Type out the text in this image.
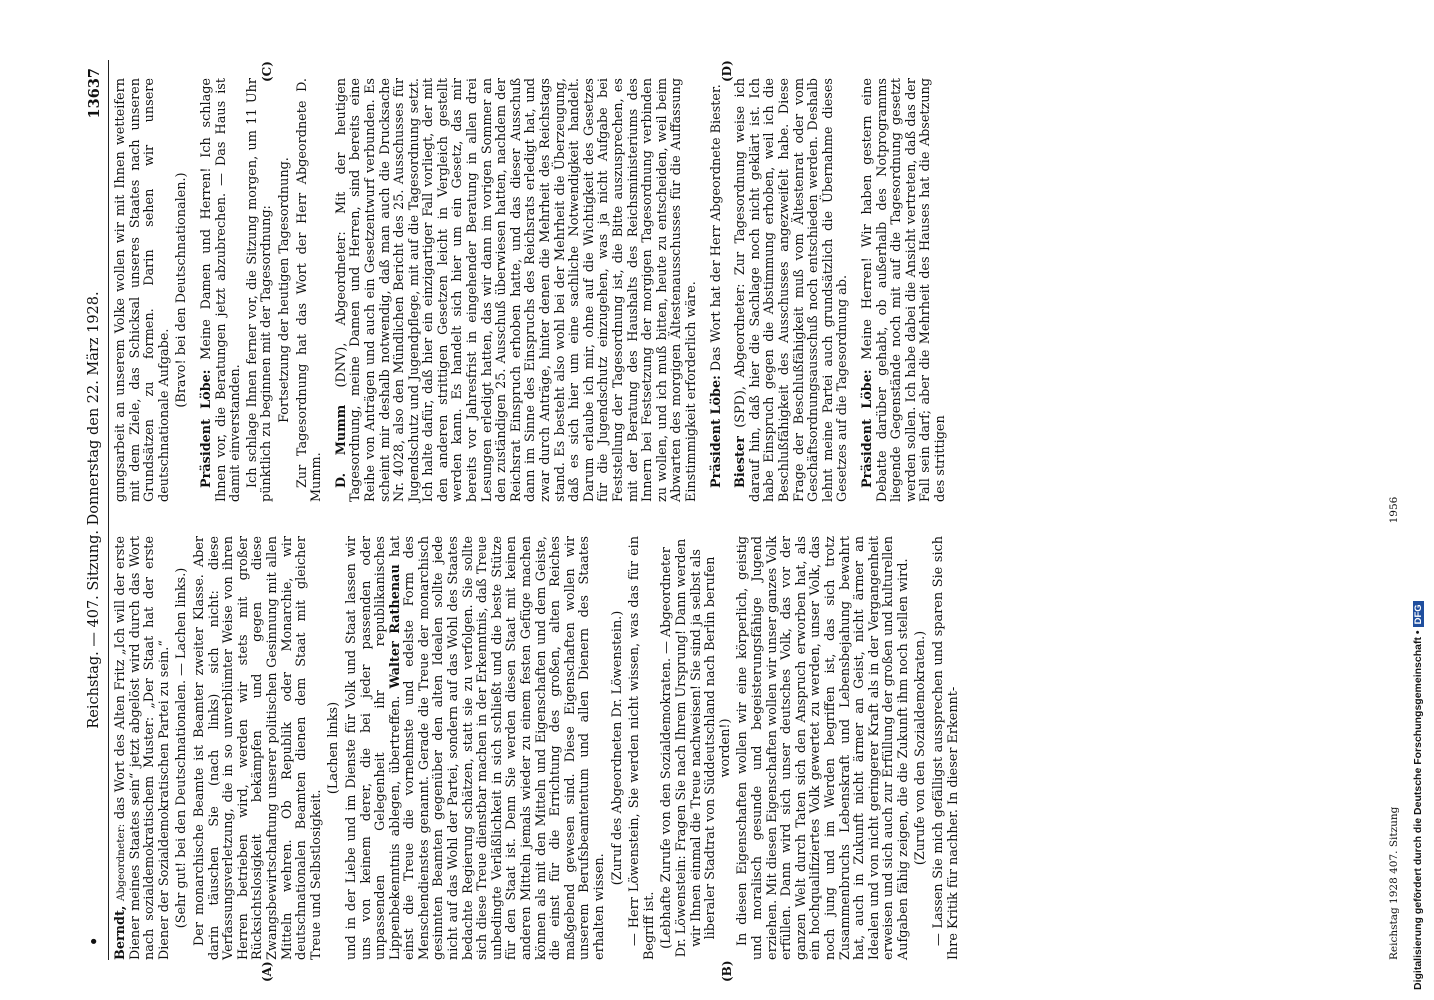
•
Reichstag. — 407. Sitzung. Donnerstag den 22. März 1928.
13637
(A)	(B)
(C)	(D)

Berndt, Abgeordneter: das Wort des Alten Fritz „Ich will der erste Diener meines Staates sein“ jetzt abgelöst wird durch das Wort nach sozialdemokratischem Muster: „Der Staat hat der erste Diener der Sozialdemokratischen Partei zu sein.“ (Sehr gut! bei den Deutschnationalen. — Lachen links.) Der monarchische Beamte ist Beamter zweiter Klasse. Aber darin täuschen Sie (nach links) sich nicht: diese Verfassungsverletzung, die in so unverblümter Weise von ihren Herren betrieben wird, werden wir stets mit großer Rücksichtslosigkeit bekämpfen und gegen diese Zwangsbewirtschaftung unserer politischen Gesinnung mit allen Mitteln wehren. Ob Republik oder Monarchie, wir deutschnationalen Beamten dienen dem Staat mit gleicher Treue und Selbstlosigkeit.

(Lachen links) und in der Liebe und im Dienste für Volk und Staat lassen wir uns von keinem derer, die bei jeder passenden oder unpassenden Gelegenheit ihr republikanisches Lippenbekenntnis ablegen, übertreffen. Walter Rathenau hat einst die Treue die vornehmste und edelste Form des Menschendienstes genannt. Gerade die Treue der monarchisch gesinnten Beamten gegenüber den alten Idealen sollte jede nicht auf das Wohl der Partei, sondern auf das Wohl des Staates bedachte Regierung schätzen, statt sie zu verfolgen. Sie sollte sich diese Treue dienstbar machen in der Erkenntnis, daß Treue unbedingte Verläßlichkeit in sich schließt und die beste Stütze für den Staat ist. Denn Sie werden diesen Staat mit keinen anderen Mitteln jemals wieder zu einem festen Gefüge machen können als mit den Mitteln und Eigenschaften und dem Geiste, die einst für die Errichtung des großen, alten Reiches maßgebend gewesen sind. Diese Eigenschaften wollen wir unserem Berufsbeamtentum und allen Dienern des Staates erhalten wissen.

(Zuruf des Abgeordneten Dr. Löwenstein.) — Herr Löwenstein, Sie werden nicht wissen, was das für ein Begriff ist. (Lebhafte Zurufe von den Sozialdemokraten. — Abgeordneter Dr. Löwenstein: Fragen Sie nach Ihrem Ursprung! Dann werden wir Ihnen einmal die Treue nachweisen! Sie sind ja selbst als liberaler Stadtrat von Süddeutschland nach Berlin berufen worden!) In diesen Eigenschaften wollen wir eine körperlich, geistig und moralisch gesunde und begeisterungsfähige Jugend erziehen. Mit diesen Eigenschaften wollen wir unser ganzes Volk erfüllen. Dann wird sich unser deutsches Volk, das vor der ganzen Welt durch Taten sich den Anspruch erworben hat, als ein hochqualifiziertes Volk gewertet zu werden, unser Volk, das noch jung und im Werden begriffen ist, das sich trotz Zusammenbruchs Lebenskraft und Lebensbejahung bewahrt hat, auch in Zukunft nicht ärmer an Geist, nicht ärmer an Idealen und von nicht geringerer Kraft als in der Vergangenheit erweisen und sich auch zur Erfüllung der großen und kulturellen Aufgaben fähig zeigen, die die Zukunft ihm noch stellen wird. (Zurufe von den Sozialdemokraten.) — Lassen Sie mich gefälligst aussprechen und sparen Sie sich Ihre Kritik für nachher. In dieser Erkennt-

gungsarbeit an unserem Volke wollen wir mit Ihnen wetteifern mit dem Ziele, das Schicksal unseres Staates nach unseren Grundsätzen zu formen. Darin sehen wir unsere deutschnationale Aufgabe.

(Bravo! bei den Deutschnationalen.)

Präsident Löbe: Meine Damen und Herren! Ich schlage Ihnen vor, die Beratungen jetzt abzubrechen. — Das Haus ist damit einverstanden. Ich schlage Ihnen ferner vor, die Sitzung morgen, um 11 Uhr pünktlich zu beginnen mit der Tagesordnung: Fortsetzung der heutigen Tagesordnung. Zur Tagesordnung hat das Wort der Herr Abgeordnete D. Mumm. D. Mumm (DNV), Abgeordneter: Mit der heutigen Tagesordnung, meine Damen und Herren, sind bereits eine Reihe von Anträgen und auch ein Gesetzentwurf verbunden. Es scheint mir deshalb notwendig, daß man auch die Drucksache Nr. 4028, also den Mündlichen Bericht des 25. Ausschusses für Jugendschutz und Jugendpflege, mit auf die Tagesordnung setzt. Ich halte dafür, daß hier ein einzigartiger Fall vorliegt, der mit den anderen strittigen Gesetzen leicht in Vergleich gestellt werden kann. Es handelt sich hier um ein Gesetz, das mir bereits vor Jahresfrist in eingehender Beratung in allen drei Lesungen erledigt hatten, das wir dann im vorigen Sommer an den zuständigen 25. Ausschuß überwiesen hatten, nachdem der Reichsrat Einspruch erhoben hatte, und das dieser Ausschuß dann im Sinne des Einspruchs des Reichsrats erledigt hat, und zwar durch Anträge, hinter denen die Mehrheit des Reichstags stand. Es besteht also wohl bei der Mehrheit die Überzeugung, daß es sich hier um eine sachliche Notwendigkeit handelt. Darum erlaube ich mir, ohne auf die Wichtigkeit des Gesetzes für die Jugendschutz einzugehen, was ja nicht Aufgabe bei Feststellung der Tagesordnung ist, die Bitte auszusprechen, es mit der Beratung des Haushalts des Reichsministeriums des Innern bei Festsetzung der morgigen Tagesordnung verbinden zu wollen, und ich muß bitten, heute zu entscheiden, weil beim Abwarten des morgigen Ältestenausschusses für die Auffassung Einstimmigkeit erforderlich wäre. Präsident Löbe: Das Wort hat der Herr Abgeordnete Biester.

Biester (SPD), Abgeordneter: Zur Tagesordnung weise ich darauf hin, daß hier die Sachlage noch nicht geklärt ist. Ich habe Einspruch gegen die Abstimmung erhoben, weil ich die Beschlußfähigkeit des Ausschusses angezweifelt habe. Diese Frage der Beschlußfähigkeit muß vom Ältestenrat oder vom Geschäftsordnungsausschuß noch entschieden werden. Deshalb lehnt meine Partei auch grundsätzlich die Übernahme dieses Gesetzes auf die Tagesordnung ab. Präsident Löbe: Meine Herren! Wir haben gestern eine Debatte darüber gehabt, ob außerhalb des Notprogramms liegende Gegenstände noch mit auf die Tagesordnung gesetzt werden sollen. Ich habe dabei die Ansicht vertreten, daß das der Fall sein darf; aber die Mehrheit des Hauses hat die Absetzung des strittigen

Reichstag 1928 407. Sitzung
1956
Digitalisierung gefördert durch die Deutsche Forschungsgemeinschaft •DFG
